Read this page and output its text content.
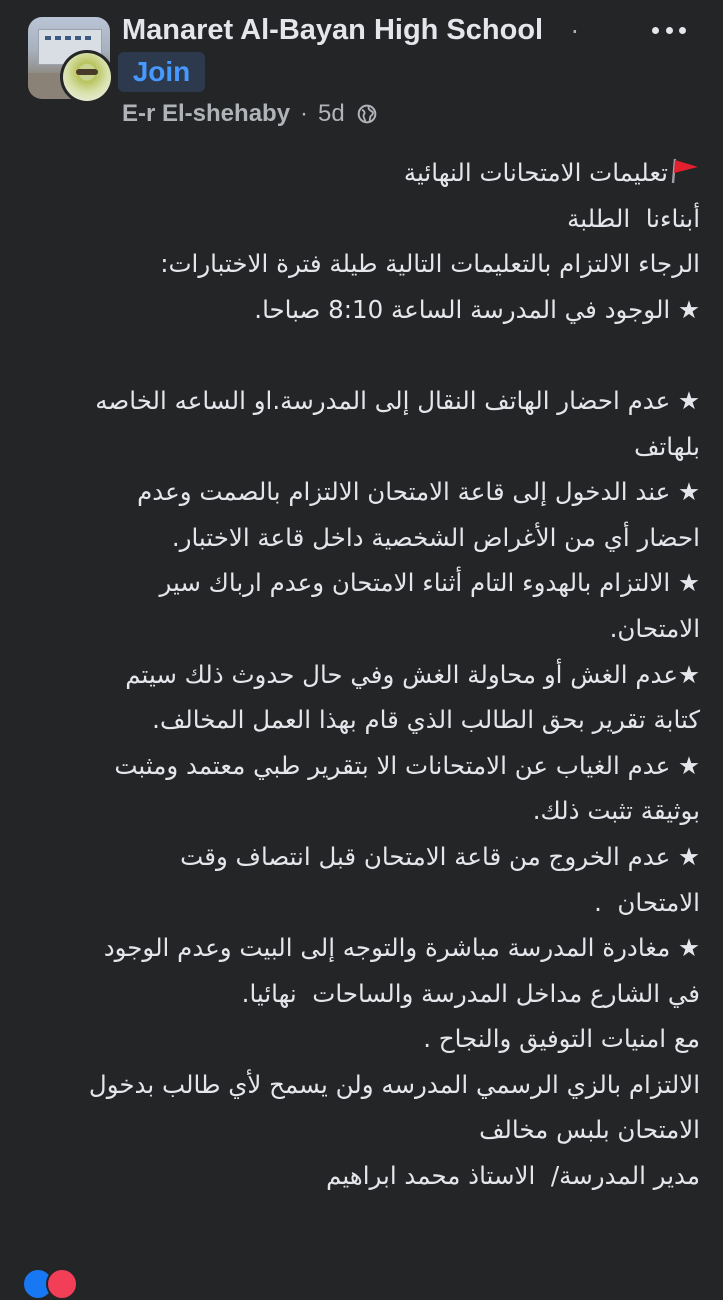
Manaret Al-Bayan High School ·
Join
E-r El-shehaby · 5d
تعليمات الامتحانات النهائية
أبناءنا  الطلبة
الرجاء الالتزام بالتعليمات التالية طيلة فترة الاختبارات:
★ الوجود في المدرسة الساعة 8:10 صباحا.
★ عدم احضار الهاتف النقال إلى المدرسة.او الساعه الخاصه
بلهاتف
★ عند الدخول إلى قاعة الامتحان الالتزام بالصمت وعدم
احضار أي من الأغراض الشخصية داخل قاعة الاختبار.
★ الالتزام بالهدوء التام أثناء الامتحان وعدم ارباك سير
الامتحان.
★عدم الغش أو محاولة الغش وفي حال حدوث ذلك سيتم
كتابة تقرير بحق الطالب الذي قام بهذا العمل المخالف.
★ عدم الغياب عن الامتحانات الا بتقرير طبي معتمد ومثبت
بوثيقة تثبت ذلك.
★ عدم الخروج من قاعة الامتحان قبل انتصاف وقت
الامتحان  .
★ مغادرة المدرسة مباشرة والتوجه إلى البيت وعدم الوجود
في الشارع مداخل المدرسة والساحات  نهائيا.
مع امنيات التوفيق والنجاح .
الالتزام بالزي الرسمي المدرسه ولن يسمح لأي طالب بدخول
الامتحان بلبس مخالف
مدير المدرسة/  الاستاذ محمد ابراهيم
